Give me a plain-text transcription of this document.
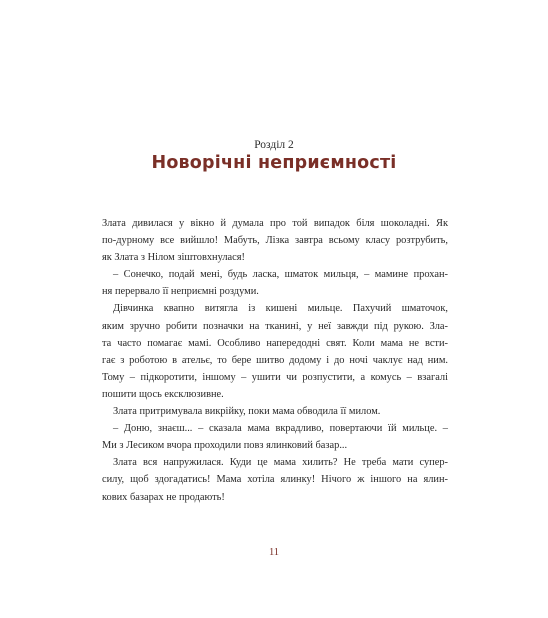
Розділ 2
Новорічні неприємності
Злата дивилася у вікно й думала про той випадок біля шоколадні. Як
по-дурному все вийшло! Мабуть, Лізка завтра всьому класу розтрубить,
як Злата з Нілом зіштовхнулася!
– Сонечко, подай мені, будь ласка, шматок мильця, – мамине прохан-
ня перервало її неприємні роздуми.
Дівчинка квапно витягла із кишені мильце. Пахучий шматочок,
яким зручно робити позначки на тканині, у неї завжди під рукою. Зла-
та часто помагає мамі. Особливо напередодні свят. Коли мама не всти-
гає з роботою в ательє, то бере шитво додому і до ночі чаклує над ним.
Тому – підкоротити, іншому – ушити чи розпустити, а комусь – взагалі
пошити щось ексклюзивне.
Злата притримувала викрійку, поки мама обводила її милом.
– Доню, знаєш... – сказала мама вкрадливо, повертаючи їй мильце. –
Ми з Лесиком вчора проходили повз ялинковий базар...
Злата вся напружилася. Куди це мама хилить? Не треба мати супер-
силу, щоб здогадатись! Мама хотіла ялинку! Нічого ж іншого на ялин-
кових базарах не продають!
11
